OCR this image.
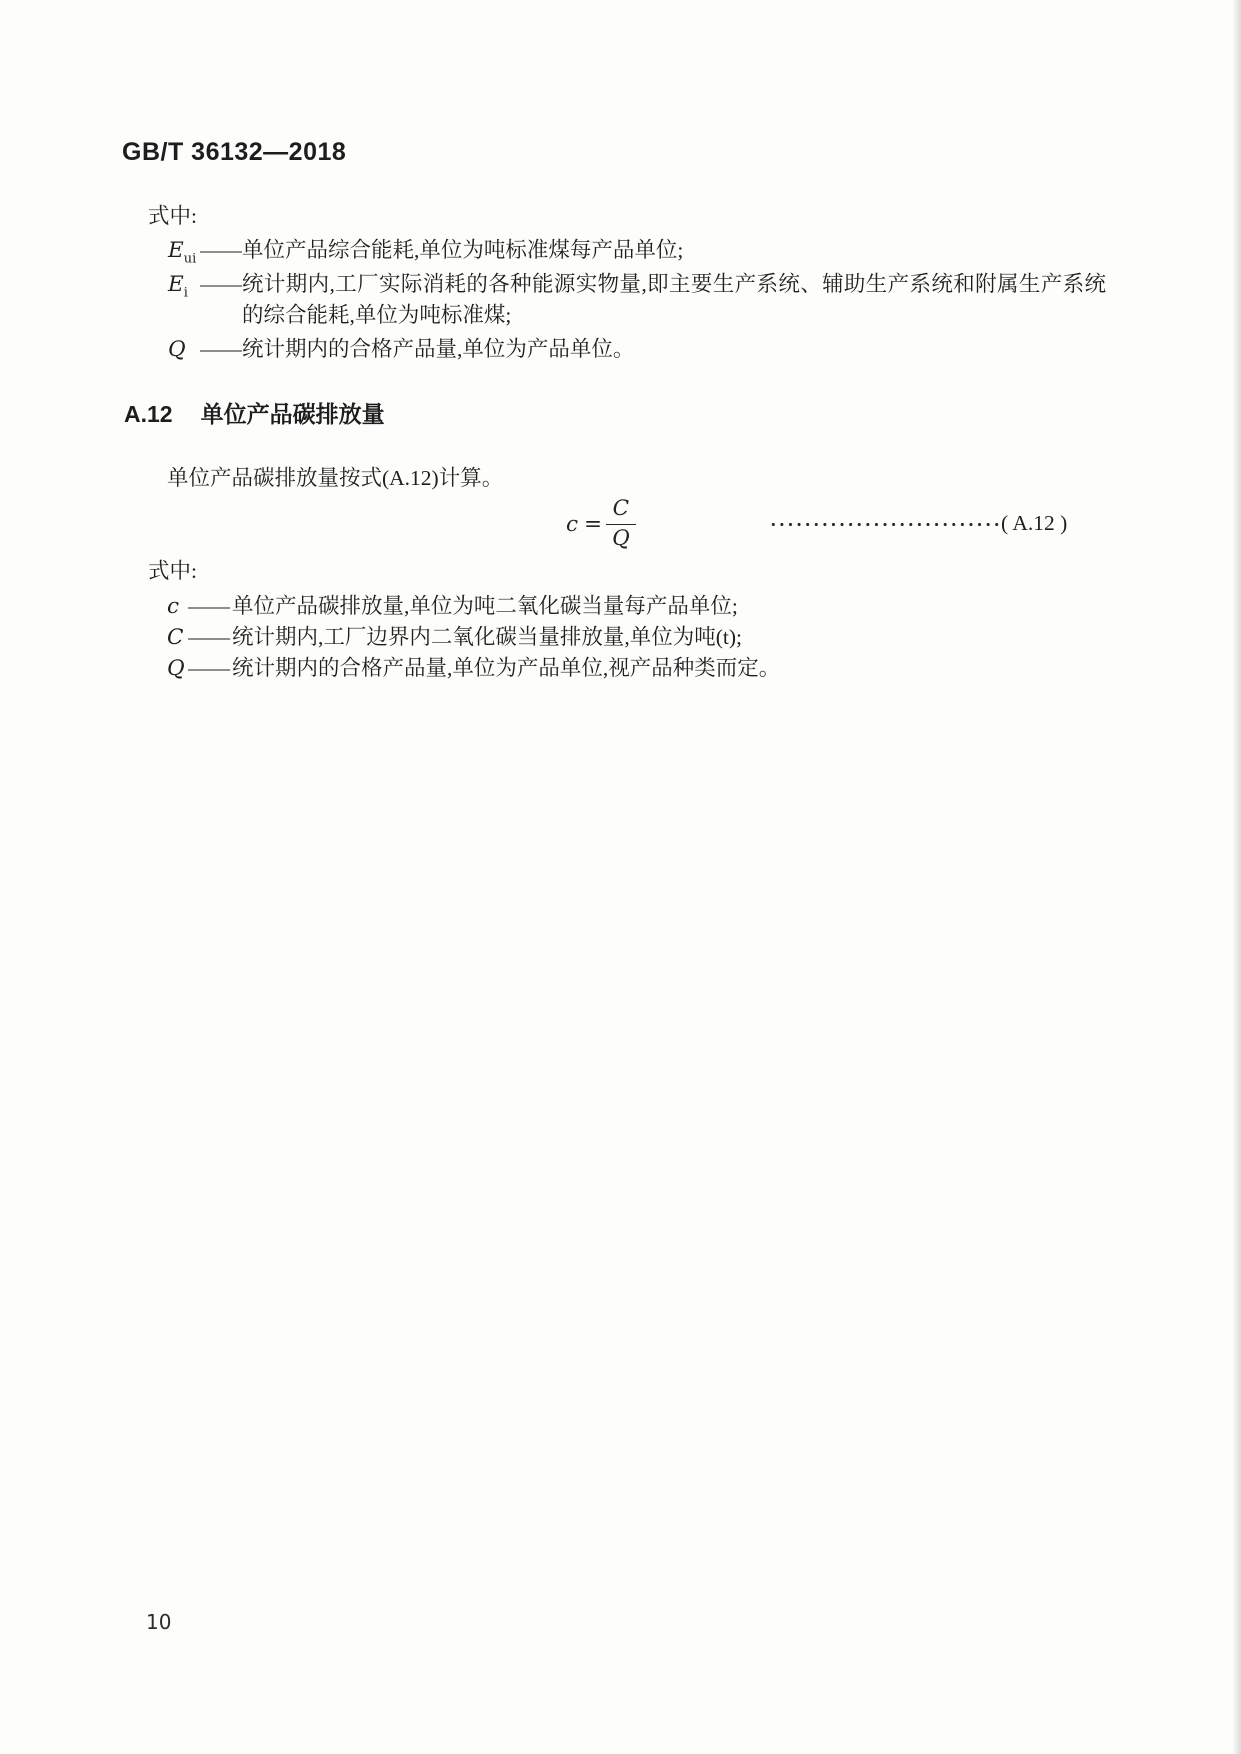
GB/T 36132—2018
式中:
$E_{ui}$ —— 单位产品综合能耗,单位为吨标准煤每产品单位;
$E_i$ —— 统计期内,工厂实际消耗的各种能源实物量,即主要生产系统、辅助生产系统和附属生产系统的综合能耗,单位为吨标准煤;
Q —— 统计期内的合格产品量,单位为产品单位。
A.12 单位产品碳排放量
单位产品碳排放量按式(A.12)计算。
$c = \frac{C}{Q}$	( A.12 )
式中:
c —— 单位产品碳排放量,单位为吨二氧化碳当量每产品单位;
C —— 统计期内,工厂边界内二氧化碳当量排放量,单位为吨(t);
Q —— 统计期内的合格产品量,单位为产品单位,视产品种类而定。
10
